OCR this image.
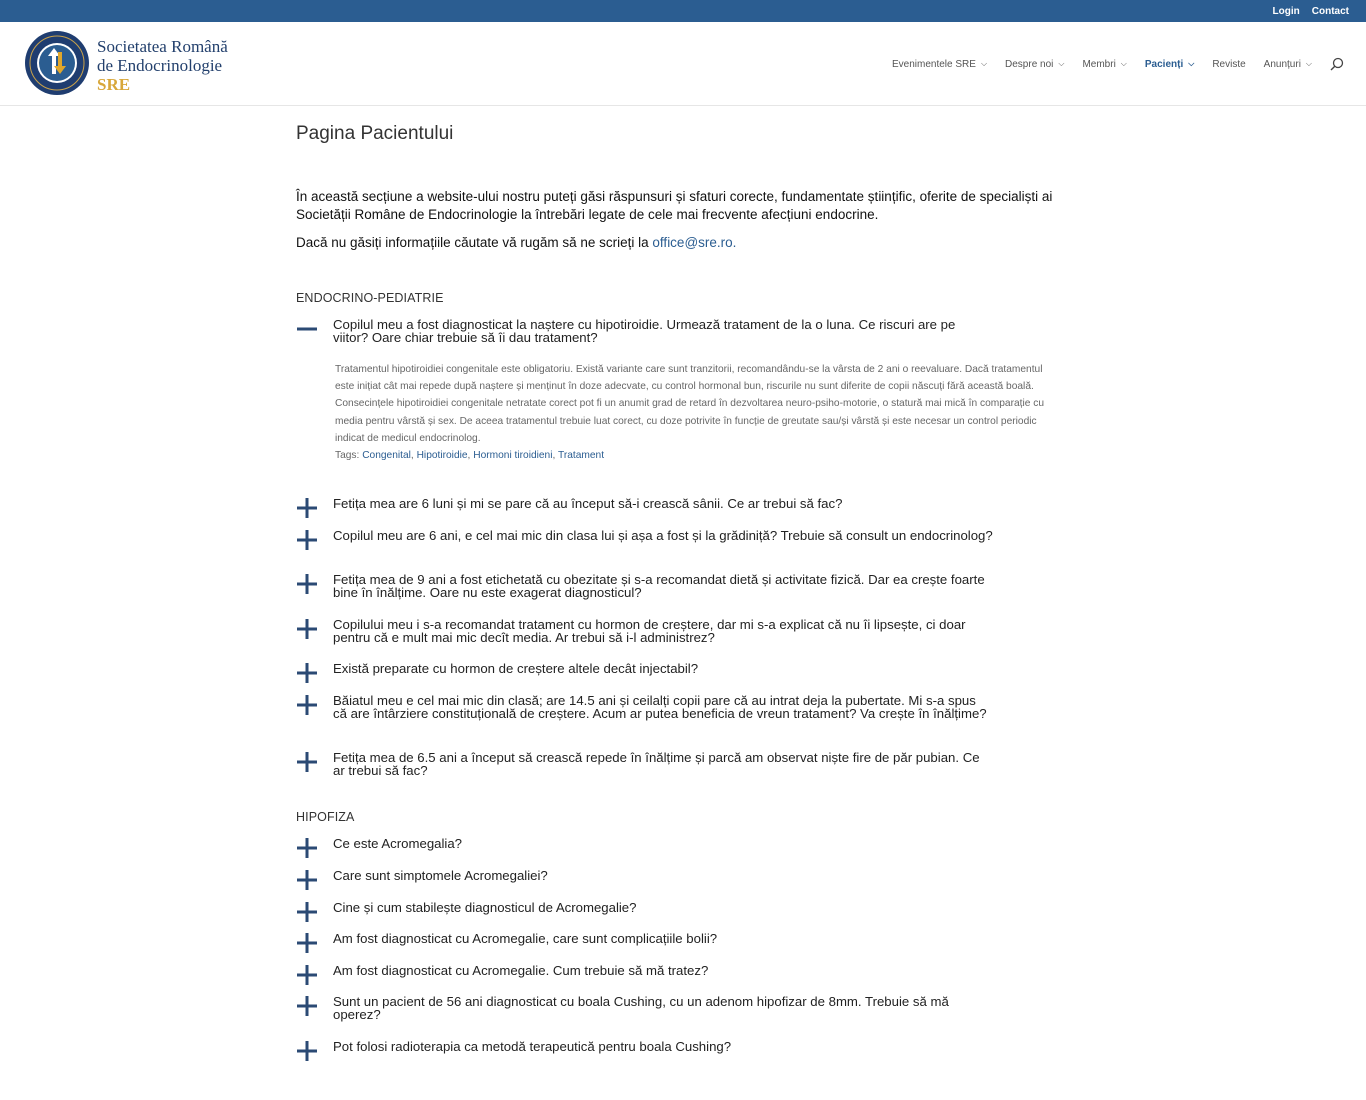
Login Contact
Societatea Română
de Endocrinologie
SRE
Evenimentele SRE ⌵ Despre noi ⌵ Membri ⌵ Pacienți ⌵ Reviste Anunțuri ⌵
Pagina Pacientului

În această secțiune a website-ului nostru puteți găsi răspunsuri și sfaturi corecte, fundamentate științific, oferite de specialiști ai Societății Române de Endocrinologie la întrebări legate de cele mai frecvente afecțiuni endocrine.

Dacă nu găsiți informațiile căutate vă rugăm să ne scrieți la office@sre.ro.

ENDOCRINO-PEDIATRIE
Copilul meu a fost diagnosticat la naștere cu hipotiroidie. Urmează tratament de la o luna. Ce riscuri are pe viitor? Oare chiar trebuie să îi dau tratament?
Tratamentul hipotiroidiei congenitale este obligatoriu. Există variante care sunt tranzitorii, recomandându-se la vârsta de 2 ani o reevaluare. Dacă tratamentul este inițiat cât mai repede după naștere și menținut în doze adecvate, cu control hormonal bun, riscurile nu sunt diferite de copii născuți fără această boală. Consecințele hipotiroidiei congenitale netratate corect pot fi un anumit grad de retard în dezvoltarea neuro-psiho-motorie, o statură mai mică în comparație cu media pentru vârstă și sex. De aceea tratamentul trebuie luat corect, cu doze potrivite în funcție de greutate sau/și vârstă și este necesar un control periodic
indicat de medicul endocrinolog.
Tags: Congenital, Hipotiroidie, Hormoni tiroidieni, Tratament
Fetița mea are 6 luni și mi se pare că au început să-i crească sânii. Ce ar trebui să fac?
Copilul meu are 6 ani, e cel mai mic din clasa lui și așa a fost și la grădiniță? Trebuie să consult un endocrinolog?
Fetița mea de 9 ani a fost etichetată cu obezitate și s-a recomandat dietă și activitate fizică. Dar ea crește foarte bine în înălțime. Oare nu este exagerat diagnosticul?
Copilului meu i s-a recomandat tratament cu hormon de creștere, dar mi s-a explicat că nu îi lipsește, ci doar pentru că e mult mai mic decît media. Ar trebui să i-l administrez?
Există preparate cu hormon de creștere altele decât injectabil?
Băiatul meu e cel mai mic din clasă; are 14.5 ani și ceilalți copii pare că au intrat deja la pubertate. Mi s-a spus că are întârziere constituțională de creștere. Acum ar putea beneficia de vreun tratament? Va crește în înălțime?
Fetița mea de 6.5 ani a început să crească repede în înălțime și parcă am observat niște fire de păr pubian. Ce ar trebui să fac?
HIPOFIZA
Ce este Acromegalia?
Care sunt simptomele Acromegaliei?
Cine și cum stabilește diagnosticul de Acromegalie?
Am fost diagnosticat cu Acromegalie, care sunt complicațiile bolii?
Am fost diagnosticat cu Acromegalie. Cum trebuie să mă tratez?
Sunt un pacient de 56 ani diagnosticat cu boala Cushing, cu un adenom hipofizar de 8mm. Trebuie să mă operez?
Pot folosi radioterapia ca metodă terapeutică pentru boala Cushing?
